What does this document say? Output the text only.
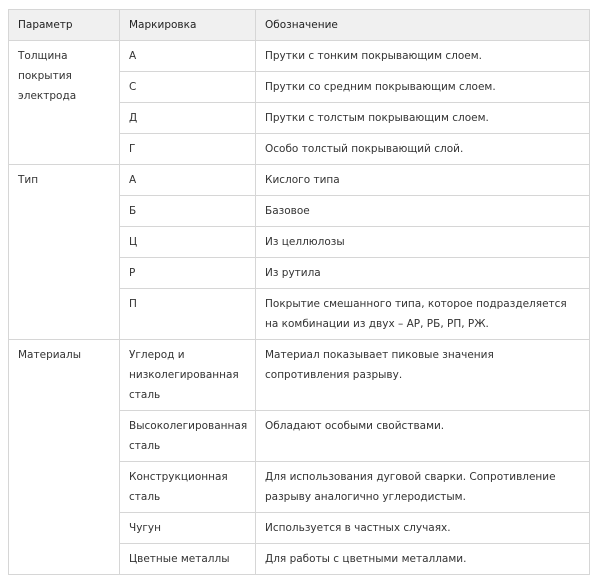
Параметр	Маркировка	Обозначение
Толщина покрытия электрода	А	Прутки с тонким покрывающим слоем.
	С	Прутки со средним покрывающим слоем.
	Д	Прутки с толстым покрывающим слоем.
	Г	Особо толстый покрывающий слой.
Тип	А	Кислого типа
	Б	Базовое
	Ц	Из целлюлозы
	Р	Из рутила
	П	Покрытие смешанного типа, которое подразделяется на комбинации из двух – АР, РБ, РП, РЖ.
Материалы	Углерод и низколегированная сталь	Материал показывает пиковые значения сопротивления разрыву.
	Высоколегированная сталь	Обладают особыми свойствами.
	Конструкционная сталь	Для использования дуговой сварки. Сопротивление разрыву аналогично углеродистым.
	Чугун	Используется в частных случаях.
	Цветные металлы	Для работы с цветными металлами.
